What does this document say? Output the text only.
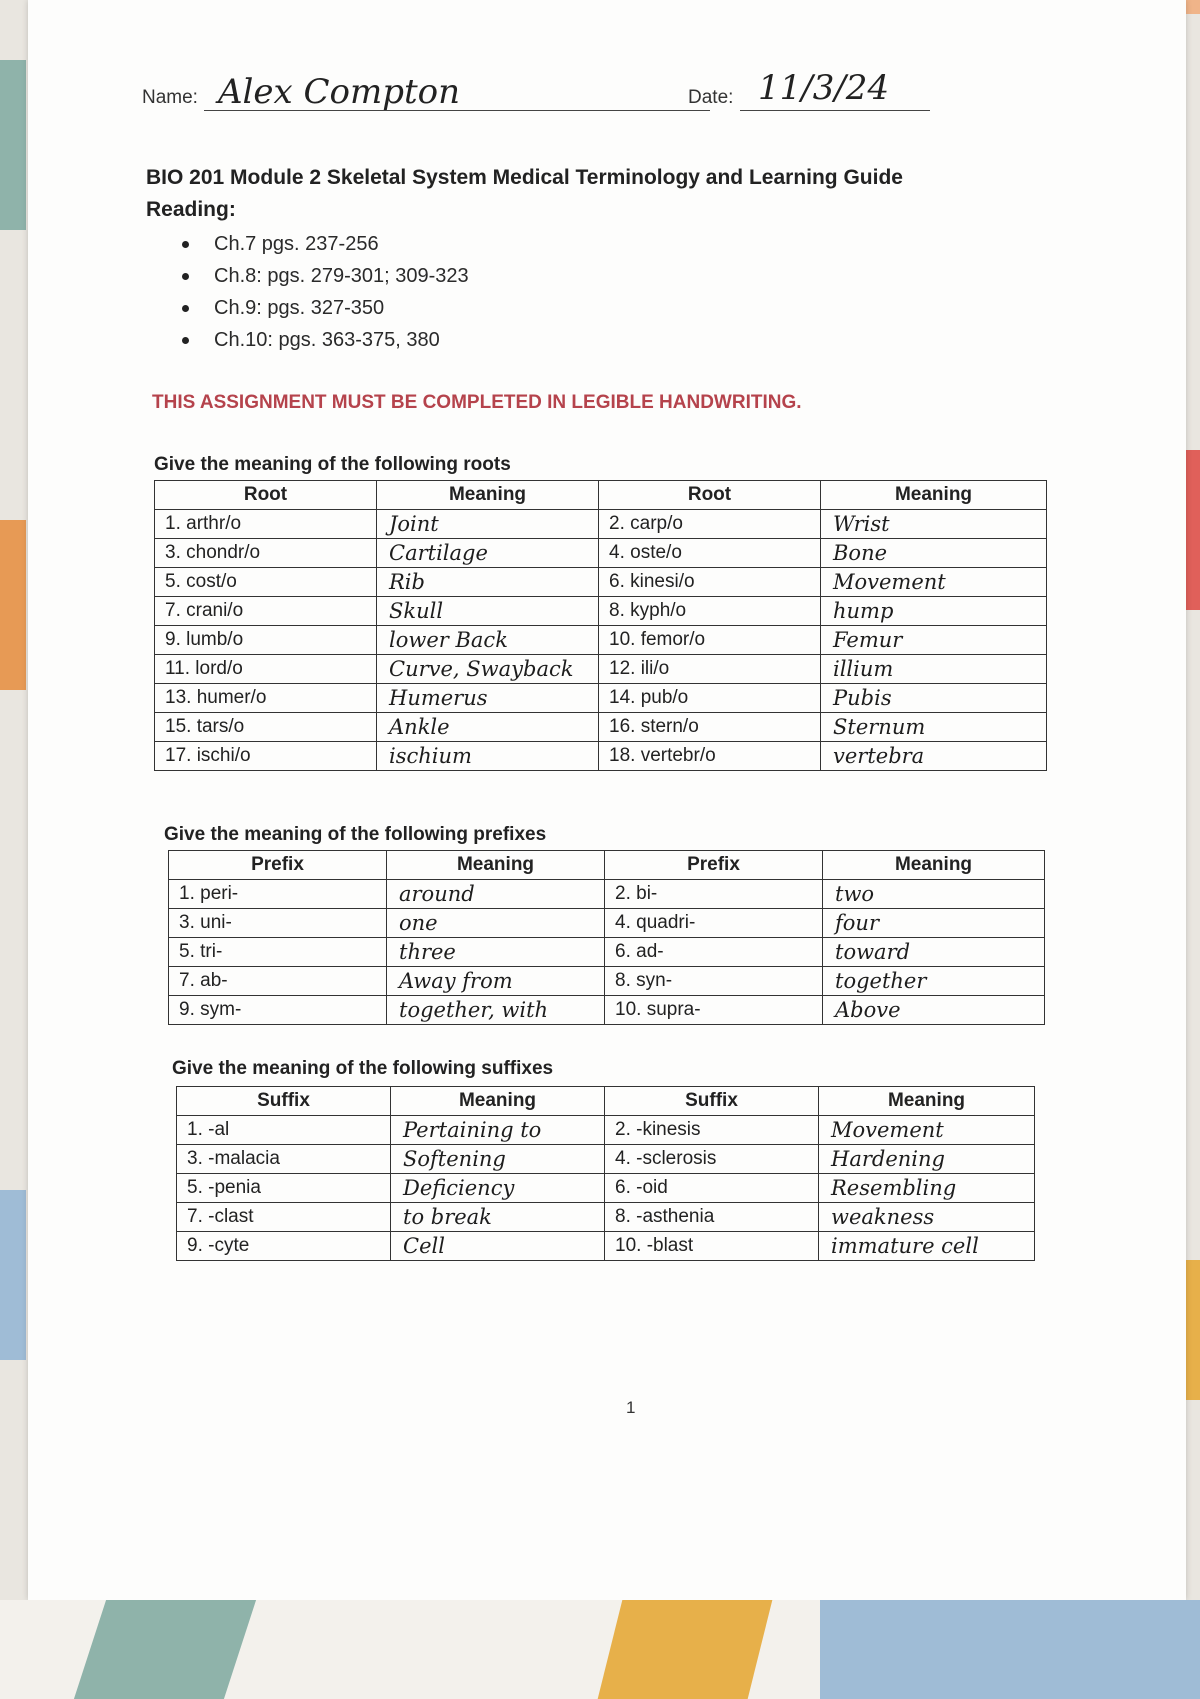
Name: Alex Compton	Date: 11/3/24
BIO 201 Module 2 Skeletal System Medical Terminology and Learning Guide
Reading:
Ch.7 pgs. 237-256
Ch.8: pgs. 279-301; 309-323
Ch.9: pgs. 327-350
Ch.10: pgs. 363-375, 380
THIS ASSIGNMENT MUST BE COMPLETED IN LEGIBLE HANDWRITING.
Give the meaning of the following roots
Root	Meaning	Root	Meaning
1. arthr/o	Joint	2. carp/o	Wrist
3. chondr/o	Cartilage	4. oste/o	Bone
5. cost/o	Rib	6. kinesi/o	Movement
7. crani/o	Skull	8. kyph/o	hump
9. lumb/o	lower Back	10. femor/o	Femur
11. lord/o	Curve, Swayback	12. ili/o	illium
13. humer/o	Humerus	14. pub/o	Pubis
15. tars/o	Ankle	16. stern/o	Sternum
17. ischi/o	ischium	18. vertebr/o	vertebra
Give the meaning of the following prefixes
Prefix	Meaning	Prefix	Meaning
1. peri-	around	2. bi-	two
3. uni-	one	4. quadri-	four
5. tri-	three	6. ad-	toward
7. ab-	Away from	8. syn-	together
9. sym-	together, with	10. supra-	Above
Give the meaning of the following suffixes
Suffix	Meaning	Suffix	Meaning
1. -al	Pertaining to	2. -kinesis	Movement
3. -malacia	Softening	4. -sclerosis	Hardening
5. -penia	Deficiency	6. -oid	Resembling
7. -clast	to break	8. -asthenia	weakness
9. -cyte	Cell	10. -blast	immature cell
1
